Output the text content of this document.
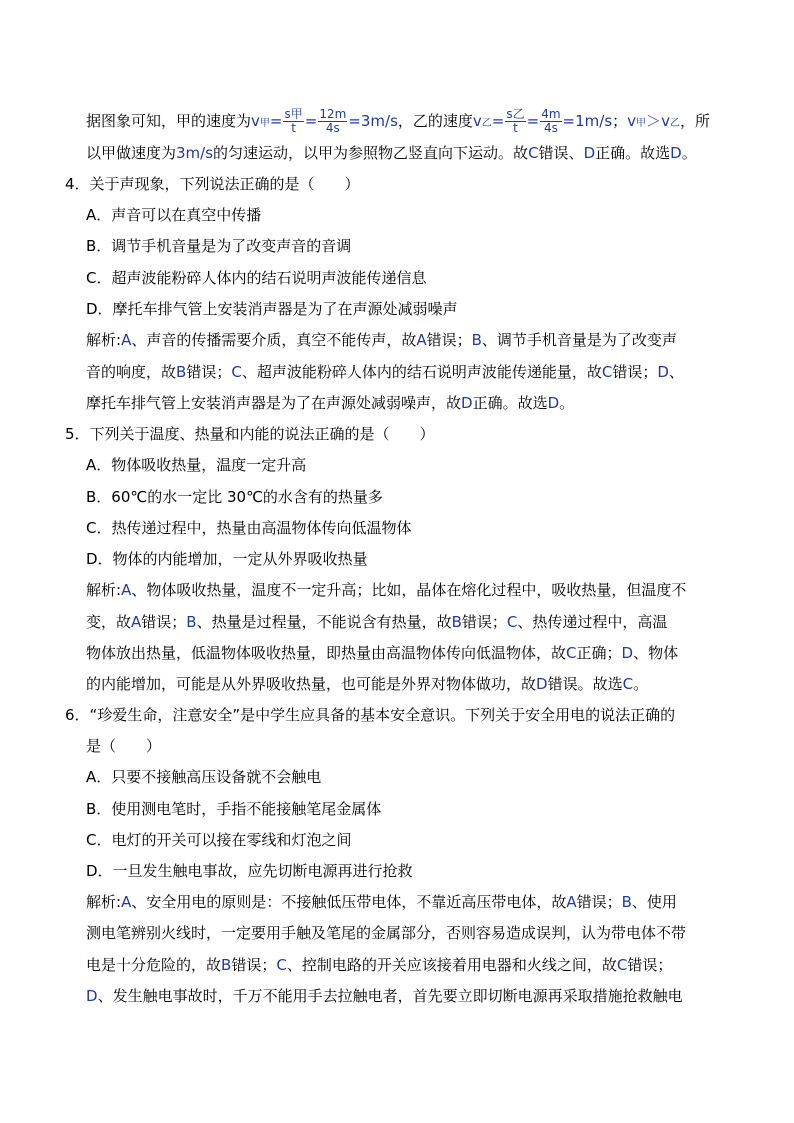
据图象可知，甲的速度为v甲= $\frac{\text{s甲}}{t} = \frac{12m}{4s} =3m/s$，乙的速度v乙= $\frac{\text{s乙}}{t} = \frac{4m}{4s} =1m/s$；v甲＞v乙，所
以甲做速度为3m/s的匀速运动，以甲为参照物乙竖直向下运动。故C错误、D正确。故选D。
4．关于声现象，下列说法正确的是（　　）
A．声音可以在真空中传播
B．调节手机音量是为了改变声音的音调
C．超声波能粉碎人体内的结石说明声波能传递信息
D．摩托车排气管上安装消声器是为了在声源处减弱噪声
解析:A、声音的传播需要介质，真空不能传声，故A错误；B、调节手机音量是为了改变声
音的响度，故B错误；C、超声波能粉碎人体内的结石说明声波能传递能量，故C错误；D、
摩托车排气管上安装消声器是为了在声源处减弱噪声，故D正确。故选D。
5．下列关于温度、热量和内能的说法正确的是（　　）
A．物体吸收热量，温度一定升高
B．60℃的水一定比 30℃的水含有的热量多
C．热传递过程中，热量由高温物体传向低温物体
D．物体的内能增加，一定从外界吸收热量
解析:A、物体吸收热量，温度不一定升高；比如，晶体在熔化过程中，吸收热量，但温度不
变，故A错误；B、热量是过程量，不能说含有热量，故B错误；C、热传递过程中，高温
物体放出热量，低温物体吸收热量，即热量由高温物体传向低温物体，故C正确；D、物体
的内能增加，可能是从外界吸收热量，也可能是外界对物体做功，故D错误。故选C。
6．“珍爱生命，注意安全”是中学生应具备的基本安全意识。下列关于安全用电的说法正确的
是（　　）
A．只要不接触高压设备就不会触电
B．使用测电笔时，手指不能接触笔尾金属体
C．电灯的开关可以接在零线和灯泡之间
D．一旦发生触电事故，应先切断电源再进行抢救
解析:A、安全用电的原则是：不接触低压带电体，不靠近高压带电体，故A错误；B、使用
测电笔辨别火线时，一定要用手触及笔尾的金属部分，否则容易造成误判，认为带电体不带
电是十分危险的，故B错误；C、控制电路的开关应该接着用电器和火线之间，故C错误；
D、发生触电事故时，千万不能用手去拉触电者，首先要立即切断电源再采取措施抢救触电
